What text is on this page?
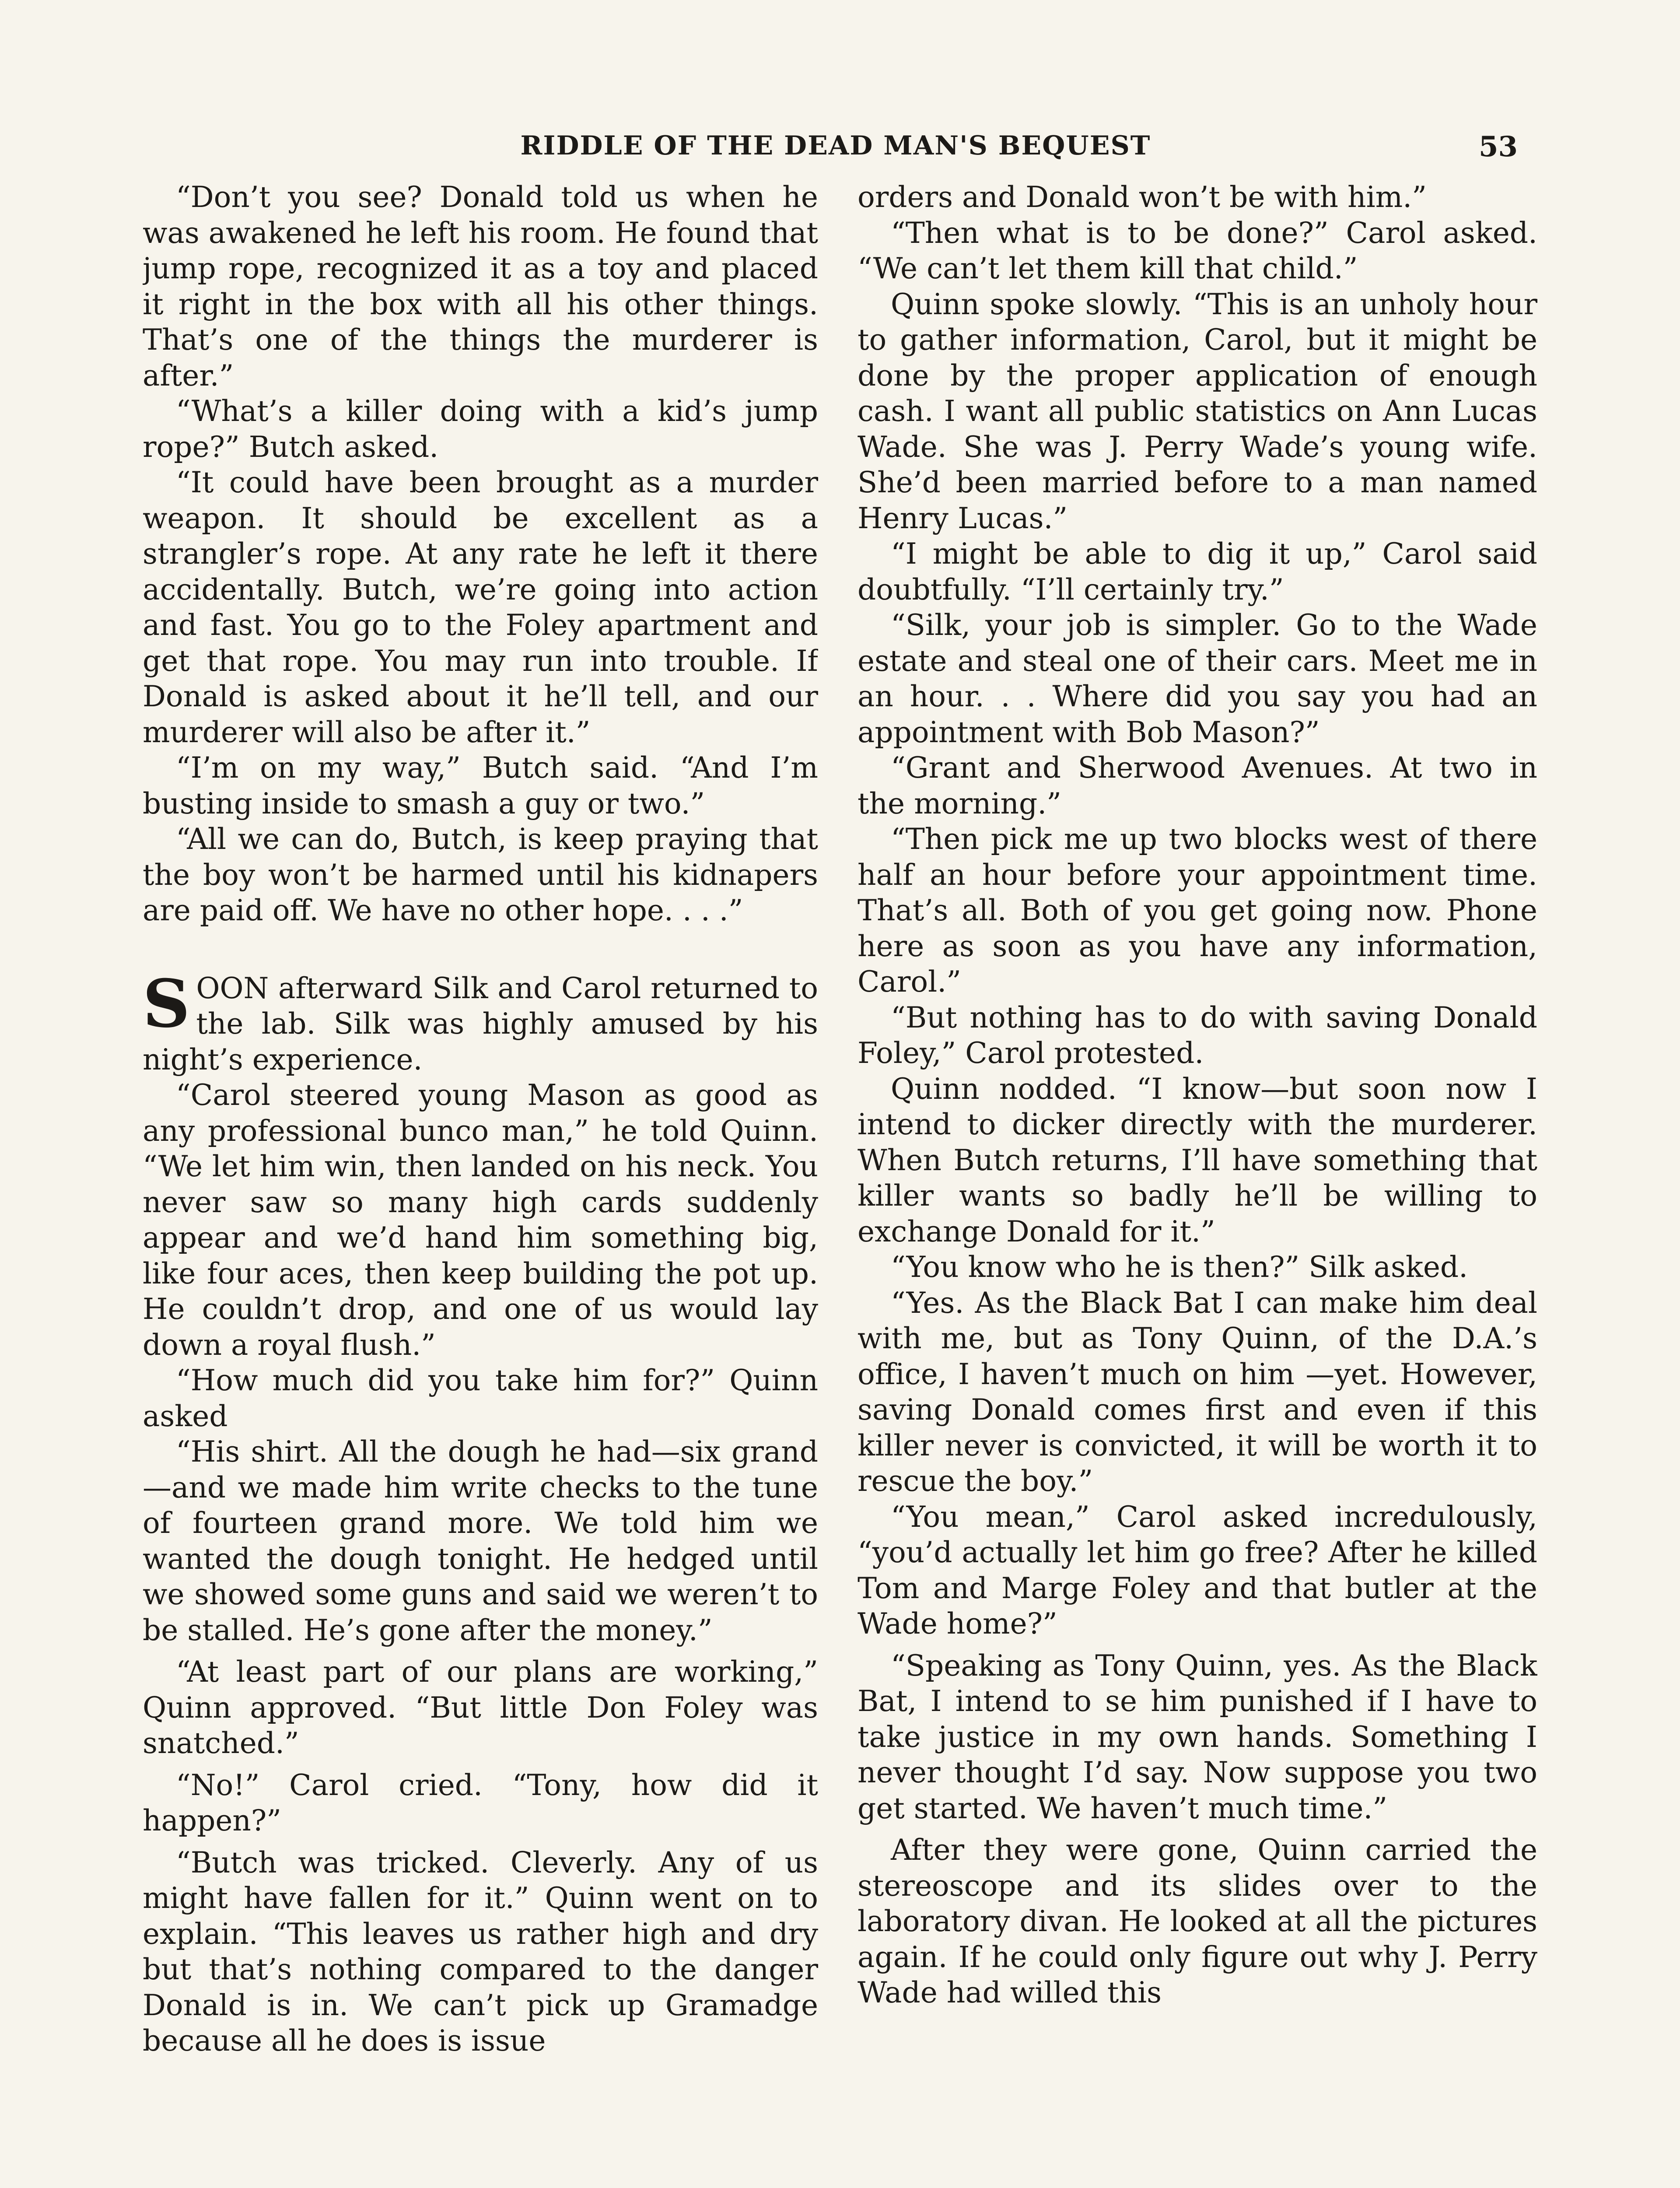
RIDDLE OF THE DEAD MAN'S BEQUEST	53

“Don’t you see? Donald told us when he was awakened he left his room. He found that jump rope, recognized it as a toy and placed it right in the box with all his other things. That’s one of the things the murderer is after.”

“What’s a killer doing with a kid’s jump rope?” Butch asked.

“It could have been brought as a murder weapon. It should be excellent as a strangler’s rope. At any rate he left it there accidentally. Butch, we’re going into action and fast. You go to the Foley apartment and get that rope. You may run into trouble. If Donald is asked about it he’ll tell, and our murderer will also be after it.”

“I’m on my way,” Butch said. “And I’m busting inside to smash a guy or two.”

“All we can do, Butch, is keep praying that the boy won’t be harmed until his kidnapers are paid off. We have no other hope. . . .”

SOON afterward Silk and Carol returned to the lab. Silk was highly amused by his night’s experience.

“Carol steered young Mason as good as any professional bunco man,” he told Quinn. “We let him win, then landed on his neck. You never saw so many high cards suddenly appear and we’d hand him something big, like four aces, then keep building the pot up. He couldn’t drop, and one of us would lay down a royal flush.”

“How much did you take him for?” Quinn asked

“His shirt. All the dough he had—six grand—and we made him write checks to the tune of fourteen grand more. We told him we wanted the dough tonight. He hedged until we showed some guns and said we weren’t to be stalled. He’s gone after the money.”

“At least part of our plans are working,” Quinn approved. “But little Don Foley was snatched.”

“No!” Carol cried. “Tony, how did it happen?”

“Butch was tricked. Cleverly. Any of us might have fallen for it.” Quinn went on to explain. “This leaves us rather high and dry but that’s nothing compared to the danger Donald is in. We can’t pick up Gramadge because all he does is issue

orders and Donald won’t be with him.”

“Then what is to be done?” Carol asked. “We can’t let them kill that child.”

Quinn spoke slowly. “This is an unholy hour to gather information, Carol, but it might be done by the proper application of enough cash. I want all public statistics on Ann Lucas Wade. She was J. Perry Wade’s young wife. She’d been married before to a man named Henry Lucas.”

“I might be able to dig it up,” Carol said doubtfully. “I’ll certainly try.”

“Silk, your job is simpler. Go to the Wade estate and steal one of their cars. Meet me in an hour. . . Where did you say you had an appointment with Bob Mason?”

“Grant and Sherwood Avenues. At two in the morning.”

“Then pick me up two blocks west of there half an hour before your appointment time. That’s all. Both of you get going now. Phone here as soon as you have any information, Carol.”

“But nothing has to do with saving Donald Foley,” Carol protested.

Quinn nodded. “I know—but soon now I intend to dicker directly with the murderer. When Butch returns, I’ll have something that killer wants so badly he’ll be willing to exchange Donald for it.”

“You know who he is then?” Silk asked.

“Yes. As the Black Bat I can make him deal with me, but as Tony Quinn, of the D.A.’s office, I haven’t much on him —yet. However, saving Donald comes first and even if this killer never is convicted, it will be worth it to rescue the boy.”

“You mean,” Carol asked incredulously, “you’d actually let him go free? After he killed Tom and Marge Foley and that butler at the Wade home?”

“Speaking as Tony Quinn, yes. As the Black Bat, I intend to se him punished if I have to take justice in my own hands. Something I never thought I’d say. Now suppose you two get started. We haven’t much time.”

After they were gone, Quinn carried the stereoscope and its slides over to the laboratory divan. He looked at all the pictures again. If he could only figure out why J. Perry Wade had willed this
